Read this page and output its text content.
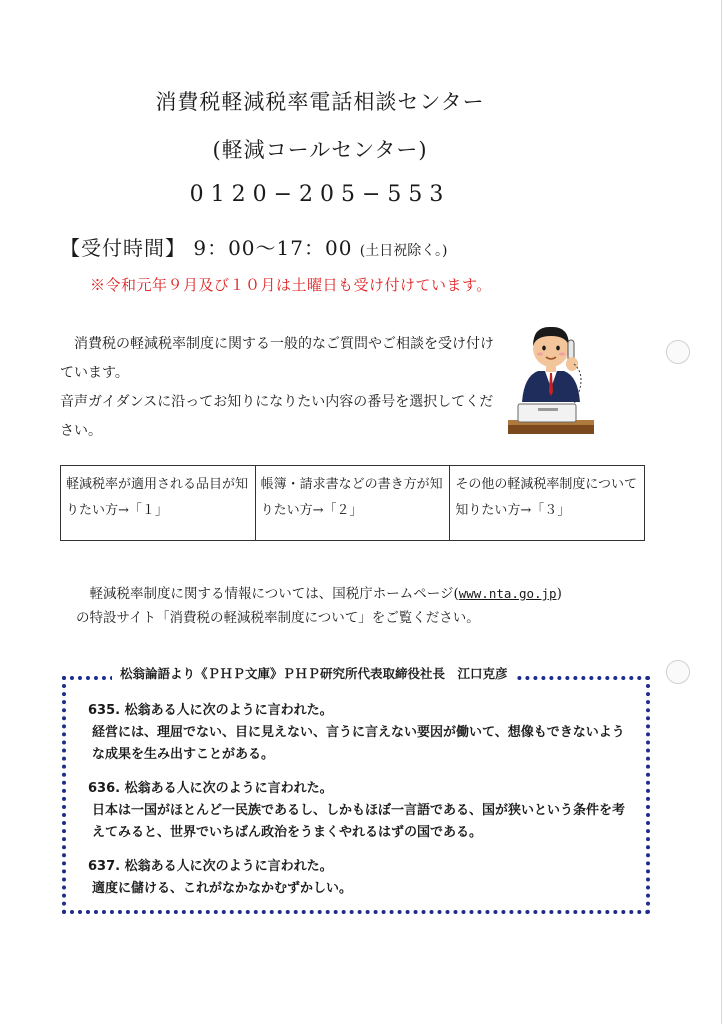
消費税軽減税率電話相談センター
(軽減コールセンター)
0120−205−553
【受付時間】 9：00〜17：00 (土日祝除く。)
※令和元年９月及び１０月は土曜日も受け付けています。

消費税の軽減税率制度に関する一般的なご質問やご相談を受け付けています。

音声ガイダンスに沿ってお知りになりたい内容の番号を選択してください。

軽減税率が適用される品目が知りたい方→「１」	帳簿・請求書などの書き方が知りたい方→「２」	その他の軽減税率制度について知りたい方→「３」

軽減税率制度に関する情報については、国税庁ホームページ(www.nta.go.jp)

の特設サイト「消費税の軽減税率制度について」をご覧ください。

松翁論語より《ＰＨＰ文庫》ＰＨＰ研究所代表取締役社長　江口克彦
635. 松翁ある人に次のように言われた。
経営には、理屈でない、目に見えない、言うに言えない要因が働いて、想像もできないような成果を生み出すことがある。
636. 松翁ある人に次のように言われた。
日本は一国がほとんど一民族であるし、しかもほぼ一言語である、国が狭いという条件を考えてみると、世界でいちばん政治をうまくやれるはずの国である。
637. 松翁ある人に次のように言われた。
適度に儲ける、これがなかなかむずかしい。
